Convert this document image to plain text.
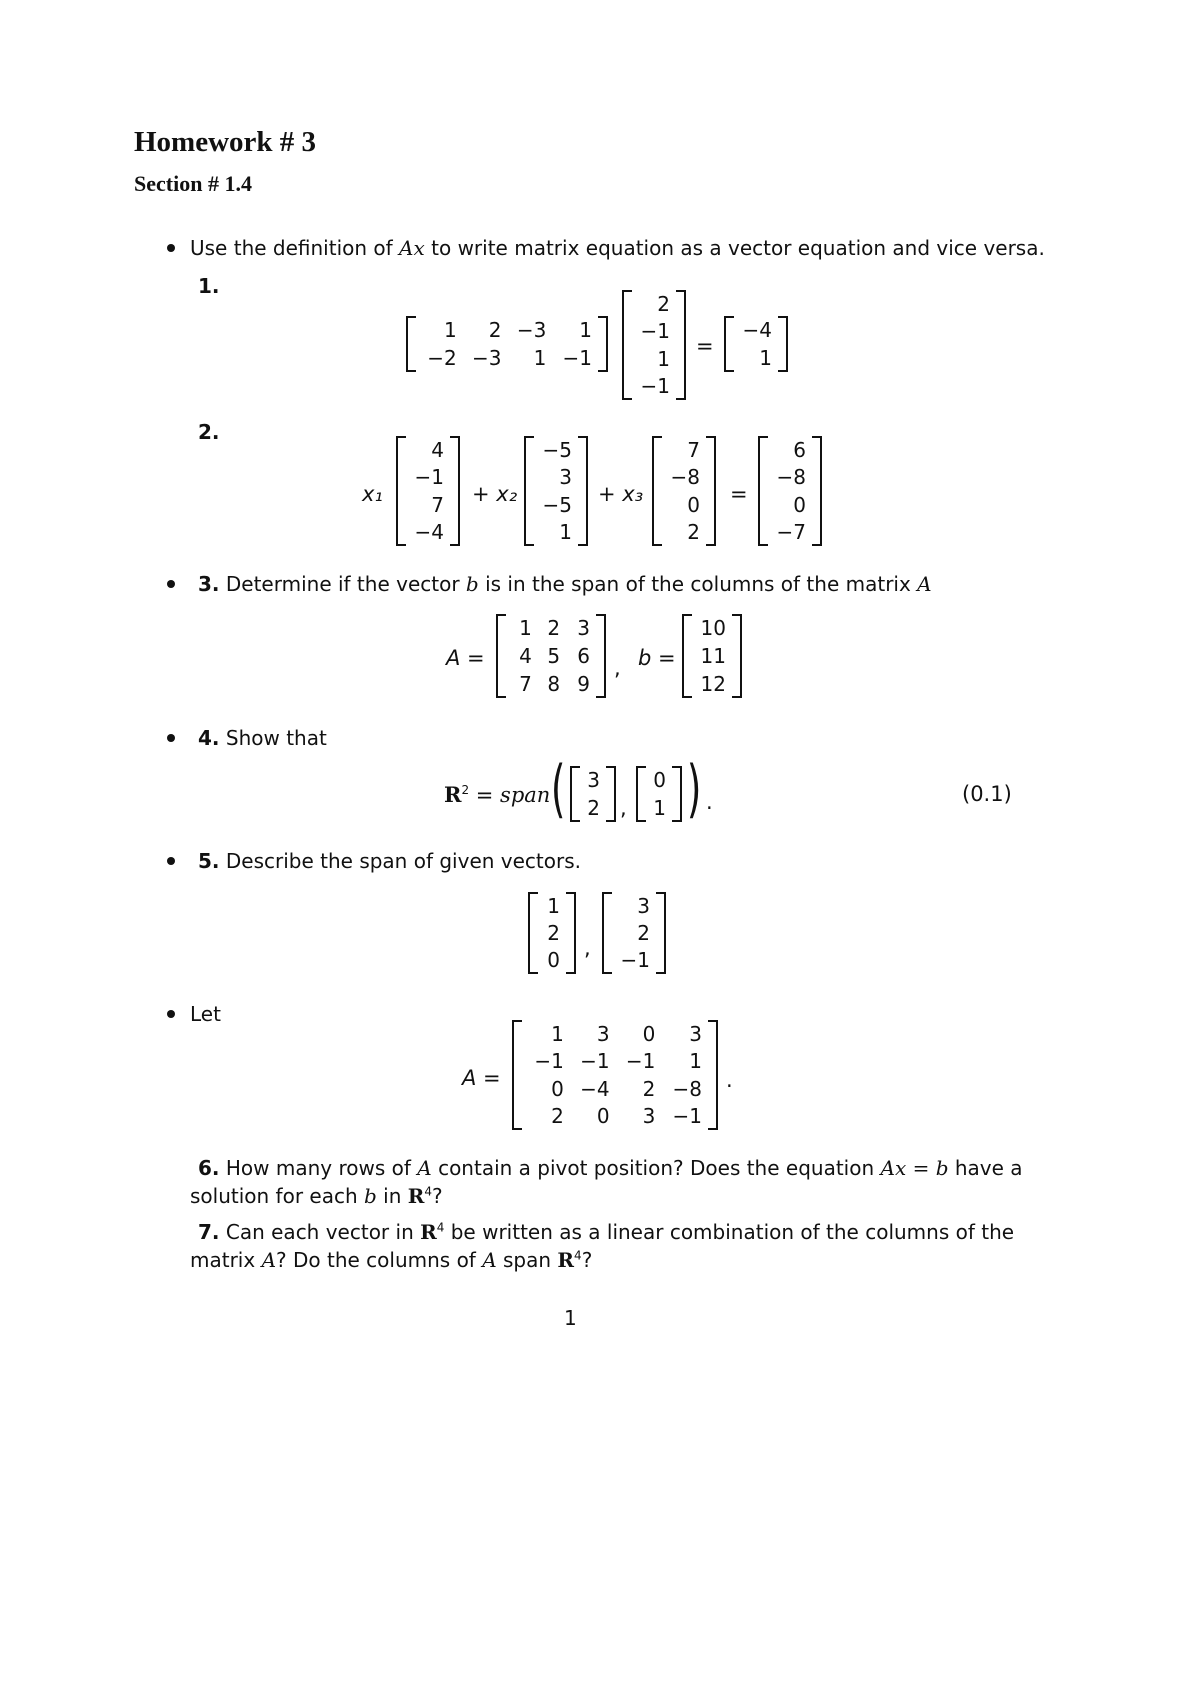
Homework # 3
Section # 1.4
Use the definition of Ax to write matrix equation as a vector equation and vice versa.
1.
1	2	−3	1
−2	−3	1	−1
2
−1
1
−1
=
−4
1
2.
x₁
4
−1
7
−4
+ x₂
−5
3
−5
1
+ x₃
7
−8
0
2
=
6
−8
0
−7
3. Determine if the vector b is in the span of the columns of the matrix A
A =
1	2	3
4	5	6
7	8	9
, b =
10
11
12
4. Show that
$R^2$ = span ( 3
2 ,
0
1 ) .	(0.1)
5. Describe the span of given vectors.
1
2
0
,
3
2
−1
Let
A =
1	3	0	3
−1	−1	−1	1
0	−4	2	−8
2	0	3	−1
.
6. How many rows of A contain a pivot position? Does the equation Ax = b have a
solution for each b in $R^4$?
7. Can each vector in $R^4$ be written as a linear combination of the columns of the
matrix A? Do the columns of A span $R^4$?
1
